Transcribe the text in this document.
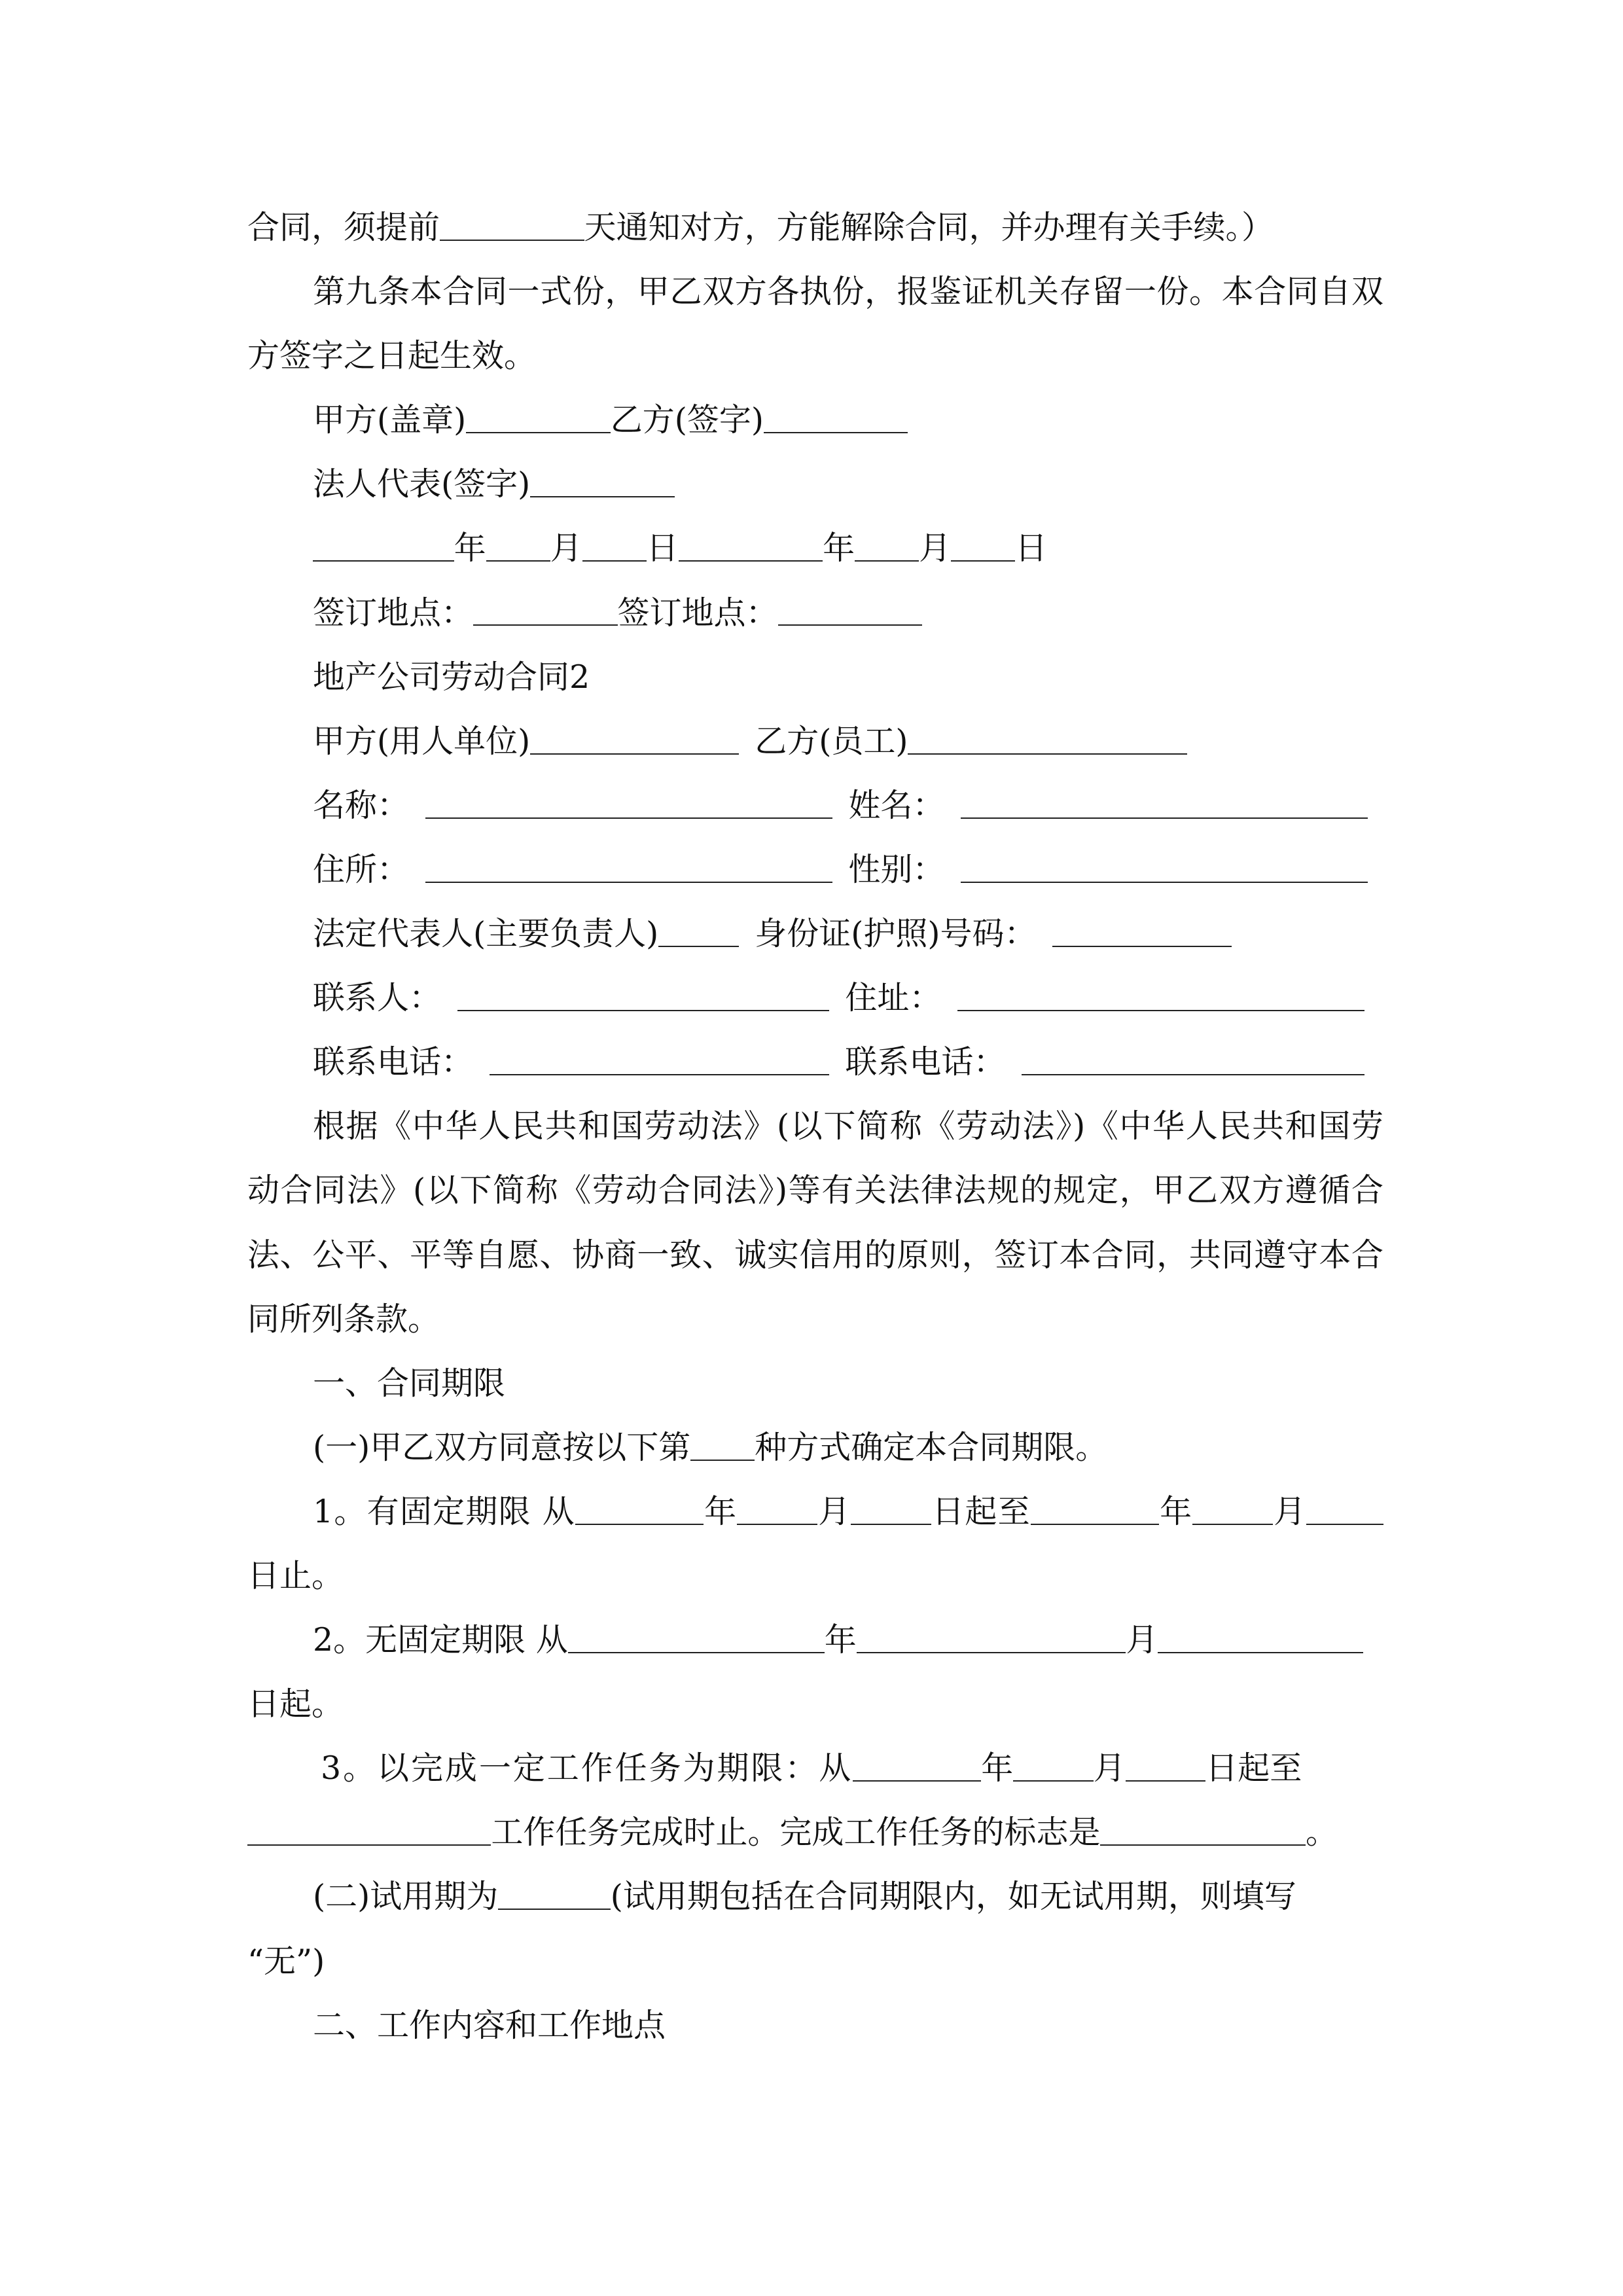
合同，须提前	天通知对方，方能解除合同，并办理有关手续。）
第九条本合同一式份，甲乙双方各执份，报鉴证机关存留一份。本合同自双
方签字之日起生效。
甲方(盖章)	乙方(签字)
法人代表(签字)
年 月 日	年 月 日
签订地点：	签订地点：
地产公司劳动合同2
甲方(用人单位)	乙方(员工)
名称：	姓名：
住所：	性别：
法定代表人(主要负责人)	身份证(护照)号码：
联系人：	住址：
联系电话：	联系电话：
根据《中华人民共和国劳动法》(以下简称《劳动法》)《中华人民共和国劳
动合同法》(以下简称《劳动合同法》)等有关法律法规的规定，甲乙双方遵循合
法、公平、平等自愿、协商一致、诚实信用的原则，签订本合同，共同遵守本合
同所列条款。
一、合同期限
(一)甲乙双方同意按以下第 种方式确定本合同期限。
1。有固定期限 从	年	月	日起至	年	月
日止。
2。无固定期限 从	年	月
日起。
3。以完成一定工作任务为期限：从	年	月	日起至
工作任务完成时止。完成工作任务的标志是	。
(二)试用期为	(试用期包括在合同期限内，如无试用期，则填写
“无”)
二、工作内容和工作地点
